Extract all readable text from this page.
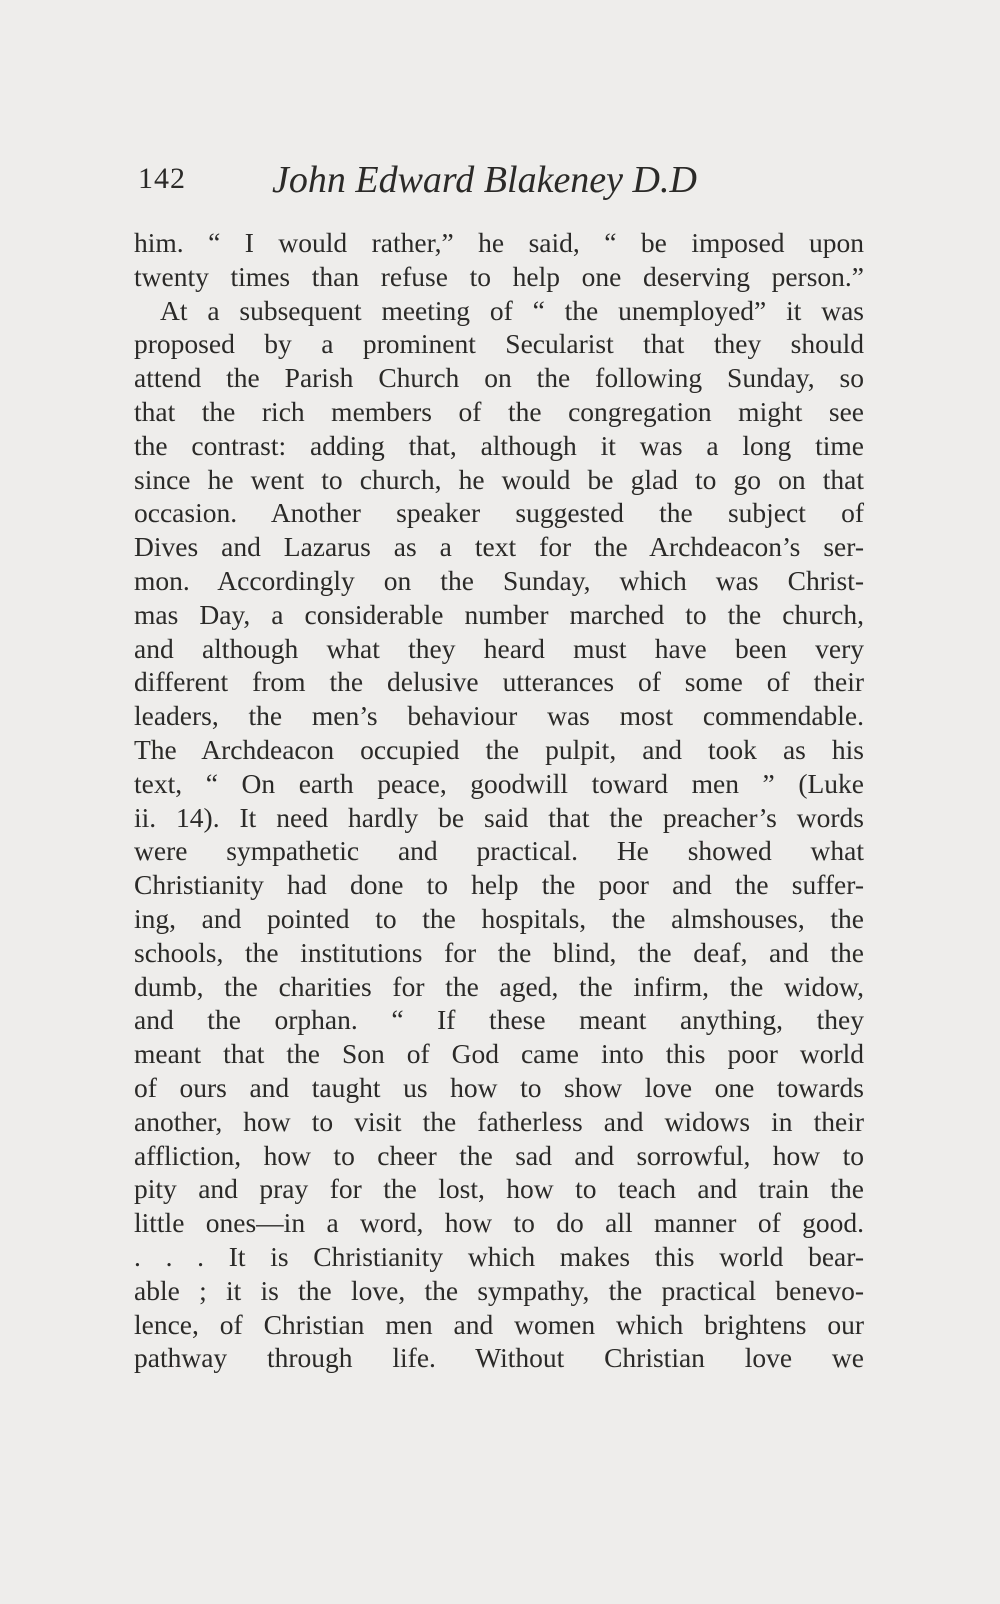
142 John Edward Blakeney D.D
him. “ I would rather,” he said, “ be imposed upon
twenty times than refuse to help one deserving person.”
At a subsequent meeting of “ the unemployed” it was
proposed by a prominent Secularist that they should
attend the Parish Church on the following Sunday, so
that the rich members of the congregation might see
the contrast: adding that, although it was a long time
since he went to church, he would be glad to go on that
occasion. Another speaker suggested the subject of
Dives and Lazarus as a text for the Archdeacon’s ser-
mon. Accordingly on the Sunday, which was Christ-
mas Day, a considerable number marched to the church,
and although what they heard must have been very
different from the delusive utterances of some of their
leaders, the men’s behaviour was most commendable.
The Archdeacon occupied the pulpit, and took as his
text, “ On earth peace, goodwill toward men ” (Luke
ii. 14). It need hardly be said that the preacher’s words
were sympathetic and practical. He showed what
Christianity had done to help the poor and the suffer-
ing, and pointed to the hospitals, the almshouses, the
schools, the institutions for the blind, the deaf, and the
dumb, the charities for the aged, the infirm, the widow,
and the orphan. “ If these meant anything, they
meant that the Son of God came into this poor world
of ours and taught us how to show love one towards
another, how to visit the fatherless and widows in their
affliction, how to cheer the sad and sorrowful, how to
pity and pray for the lost, how to teach and train the
little ones—in a word, how to do all manner of good.
. . . It is Christianity which makes this world bear-
able ; it is the love, the sympathy, the practical benevo-
lence, of Christian men and women which brightens our
pathway through life. Without Christian love we
